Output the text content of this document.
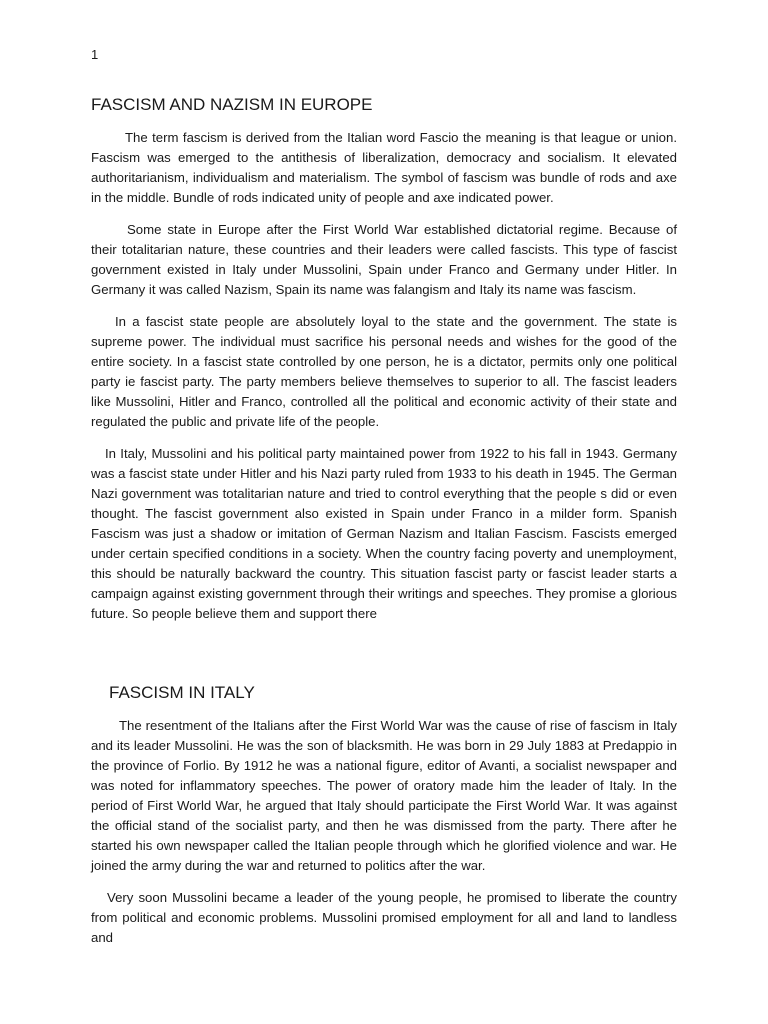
1
FASCISM AND NAZISM IN EUROPE

The term fascism is derived from the Italian word Fascio the meaning is that league or union. Fascism was emerged to the antithesis of liberalization, democracy and socialism. It elevated authoritarianism, individualism and materialism. The symbol of fascism was bundle of rods and axe in the middle. Bundle of rods indicated unity of people and axe indicated power.

Some state in Europe after the First World War established dictatorial regime. Because of their totalitarian nature, these countries and their leaders were called fascists. This type of fascist government existed in Italy under Mussolini, Spain under Franco and Germany under Hitler. In Germany it was called Nazism, Spain its name was falangism and Italy its name was fascism.

In a fascist state people are absolutely loyal to the state and the government. The state is supreme power. The individual must sacrifice his personal needs and wishes for the good of the entire society. In a fascist state controlled by one person, he is a dictator, permits only one political party ie fascist party. The party members believe themselves to superior to all. The fascist leaders like Mussolini, Hitler and Franco, controlled all the political and economic activity of their state and regulated the public and private life of the people.

In Italy, Mussolini and his political party maintained power from 1922 to his fall in 1943. Germany was a fascist state under Hitler and his Nazi party ruled from 1933 to his death in 1945. The German Nazi government was totalitarian nature and tried to control everything that the people s did or even thought. The fascist government also existed in Spain under Franco in a milder form. Spanish Fascism was just a shadow or imitation of German Nazism and Italian Fascism. Fascists emerged under certain specified conditions in a society. When the country facing poverty and unemployment, this should be naturally backward the country. This situation fascist party or fascist leader starts a campaign against existing government through their writings and speeches. They promise a glorious future. So people believe them and support there

FASCISM IN ITALY

The resentment of the Italians after the First World War was the cause of rise of fascism in Italy and its leader Mussolini. He was the son of blacksmith. He was born in 29 July 1883 at Predappio in the province of Forlio. By 1912 he was a national figure, editor of Avanti, a socialist newspaper and was noted for inflammatory speeches. The power of oratory made him the leader of Italy. In the period of First World War, he argued that Italy should participate the First World War. It was against the official stand of the socialist party, and then he was dismissed from the party. There after he started his own newspaper called the Italian people through which he glorified violence and war. He joined the army during the war and returned to politics after the war.

Very soon Mussolini became a leader of the young people, he promised to liberate the country from political and economic problems. Mussolini promised employment for all and land to landless and
